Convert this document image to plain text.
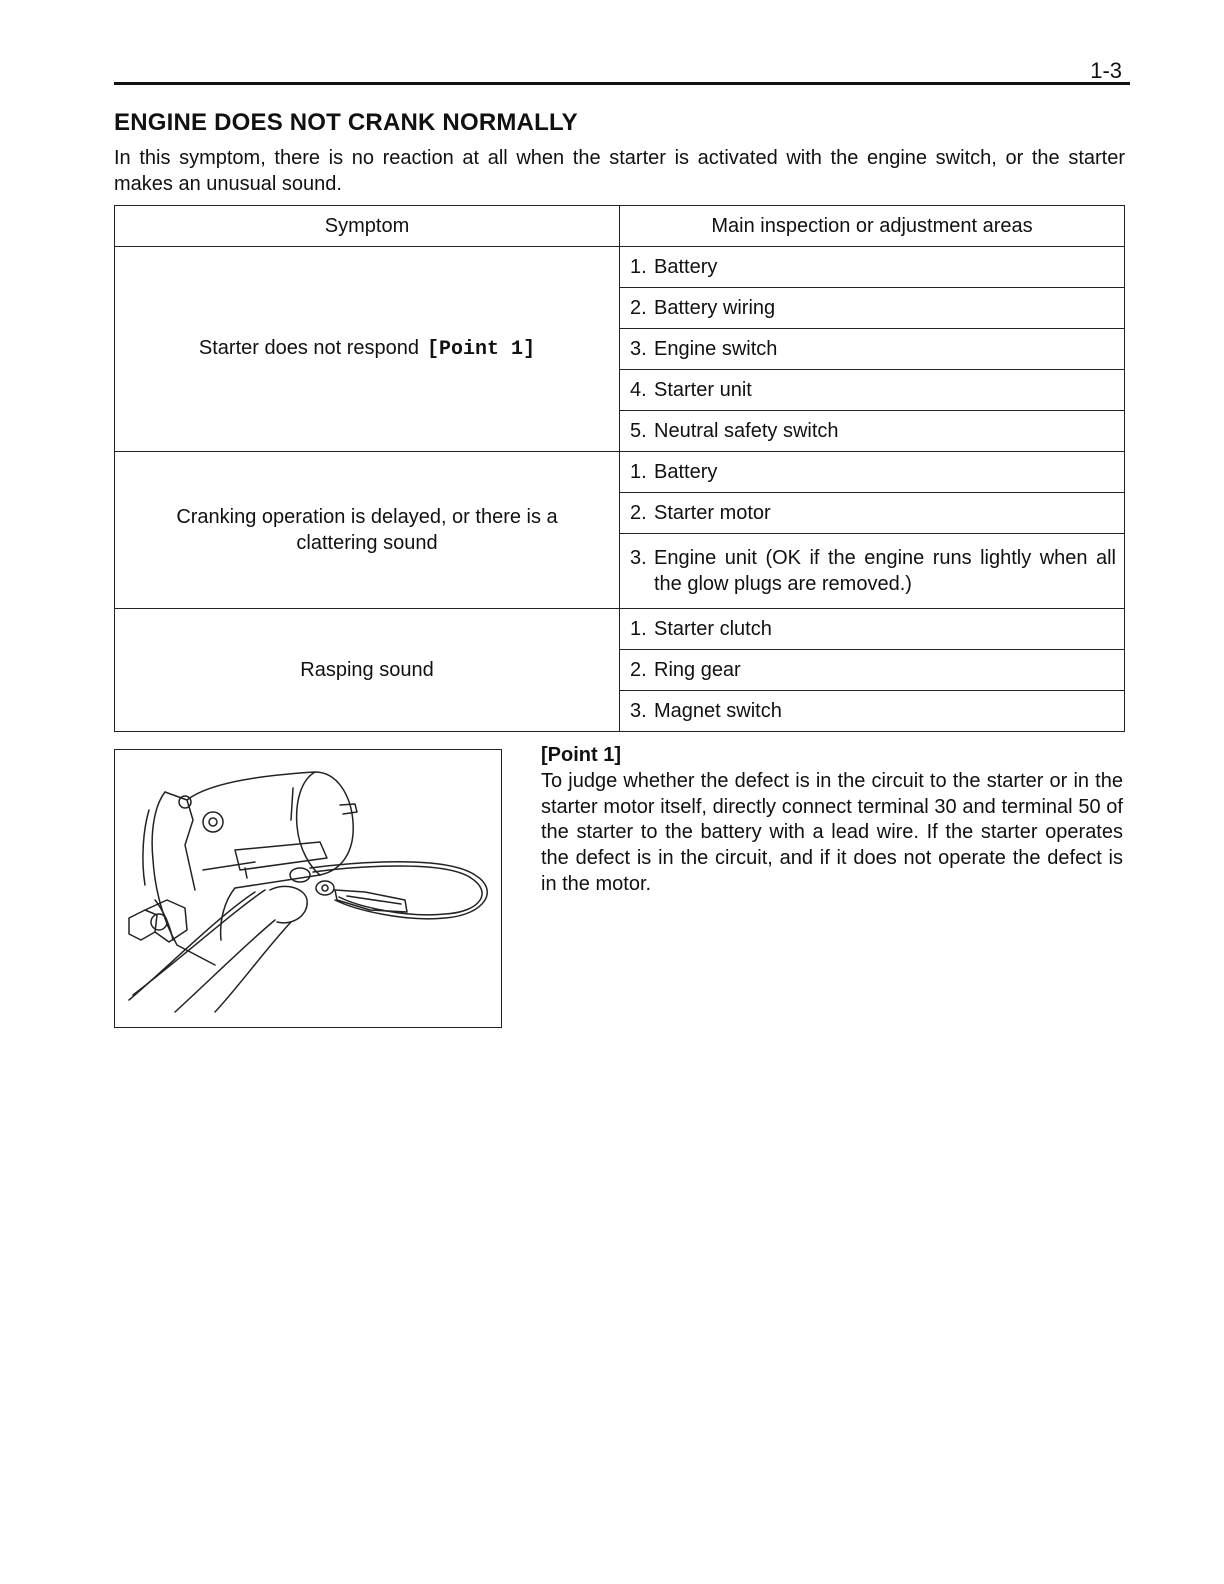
1-3
ENGINE DOES NOT CRANK NORMALLY

In this symptom, there is no reaction at all when the starter is activated with the engine switch, or the starter makes an unusual sound.

Symptom	Main inspection or adjustment areas
Starter does not respond [Point 1]	1. Battery

	2. Battery wiring

	3. Engine switch

	4. Starter unit

	5. Neutral safety switch

Cranking operation is delayed, or there is a clattering sound	1. Battery

	2. Starter motor

	3. Engine unit (OK if the engine runs lightly when all the glow plugs are removed.)

Rasping sound	1. Starter clutch

	2. Ring gear

	3. Magnet switch
[Point 1]

To judge whether the defect is in the circuit to the starter or in the starter motor itself, directly connect terminal 30 and terminal 50 of the starter to the battery with a lead wire. If the starter operates the defect is in the circuit, and if it does not operate the defect is in the motor.
